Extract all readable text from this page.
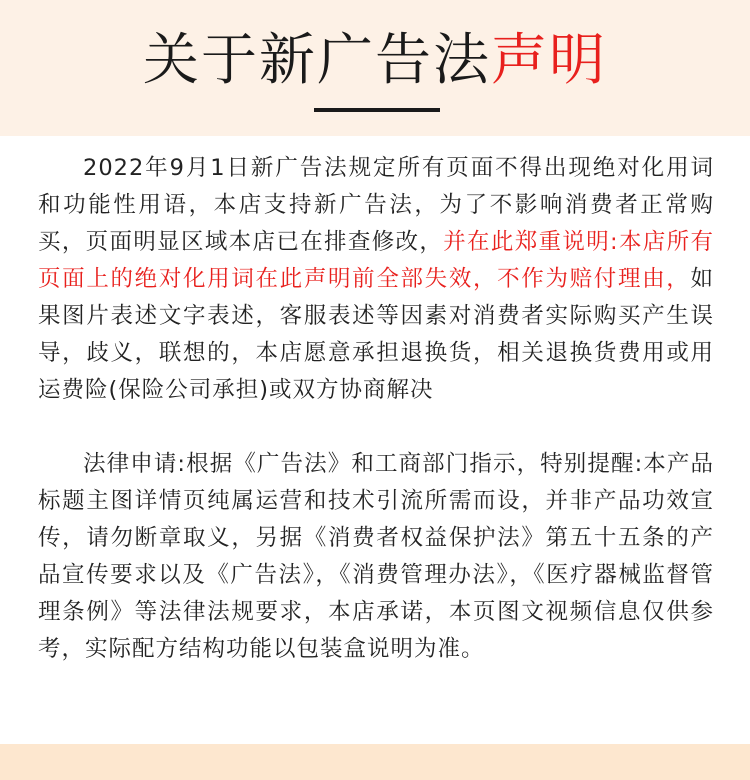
关于新广告法声明

2022年9月1日新广告法规定所有页面不得出现绝对化用词和功能性用语，本店支持新广告法，为了不影响消费者正常购买，页面明显区域本店已在排查修改，并在此郑重说明:本店所有页面上的绝对化用词在此声明前全部失效，不作为赔付理由，如果图片表述文字表述，客服表述等因素对消费者实际购买产生误导，歧义，联想的，本店愿意承担退换货，相关退换货费用或用运费险(保险公司承担)或双方协商解决

法律申请:根据《广告法》和工商部门指示，特别提醒:本产品标题主图详情页纯属运营和技术引流所需而设，并非产品功效宣传，请勿断章取义，另据《消费者权益保护法》第五十五条的产品宣传要求以及《广告法》，《消费管理办法》，《医疗器械监督管理条例》等法律法规要求，本店承诺，本页图文视频信息仅供参考，实际配方结构功能以包装盒说明为准。
